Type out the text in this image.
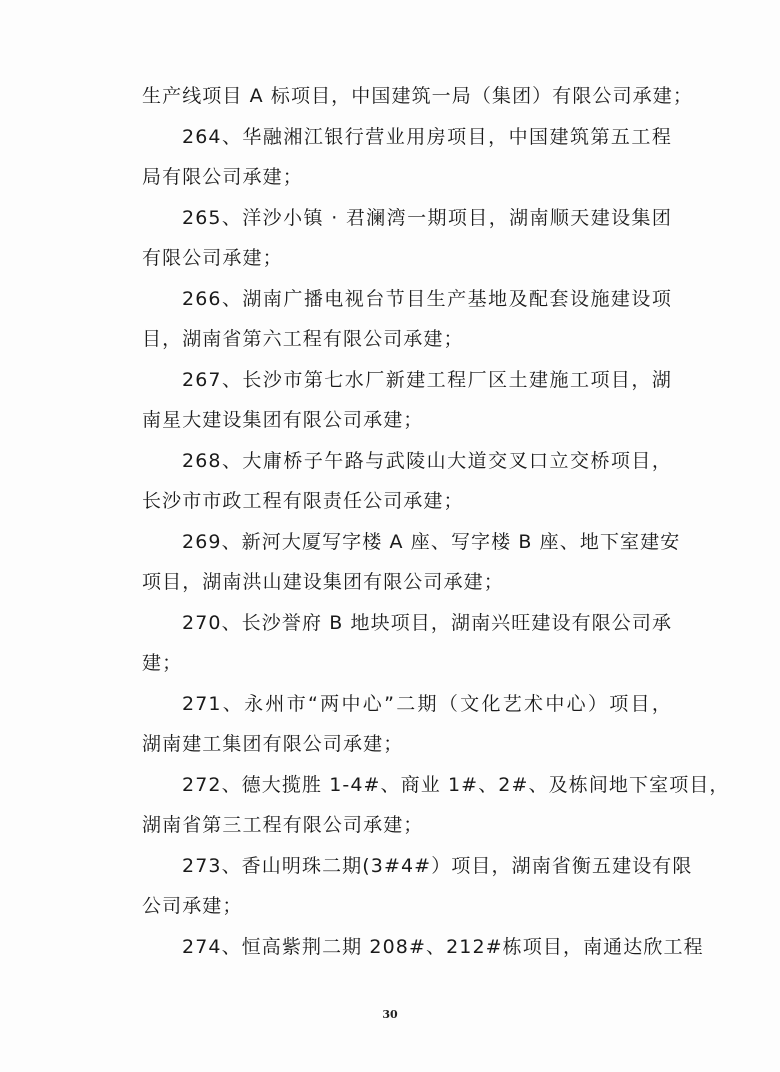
生产线项目 A 标项目，中国建筑一局（集团）有限公司承建；
264、华融湘江银行营业用房项目，中国建筑第五工程
局有限公司承建；
265、洋沙小镇 · 君澜湾一期项目，湖南顺天建设集团
有限公司承建；
266、湖南广播电视台节目生产基地及配套设施建设项
目，湖南省第六工程有限公司承建；
267、长沙市第七水厂新建工程厂区土建施工项目，湖
南星大建设集团有限公司承建；
268、大庸桥子午路与武陵山大道交叉口立交桥项目，
长沙市市政工程有限责任公司承建；
269、新河大厦写字楼 A 座、写字楼 B 座、地下室建安
项目，湖南洪山建设集团有限公司承建；
270、长沙誉府 B 地块项目，湖南兴旺建设有限公司承
建；
271、永州市“两中心”二期（文化艺术中心）项目，
湖南建工集团有限公司承建；
272、德大揽胜 1-4#、商业 1#、2#、及栋间地下室项目，
湖南省第三工程有限公司承建；
273、香山明珠二期(3#4#）项目，湖南省衡五建设有限
公司承建；
274、恒高紫荆二期 208#、212#栋项目，南通达欣工程
30
